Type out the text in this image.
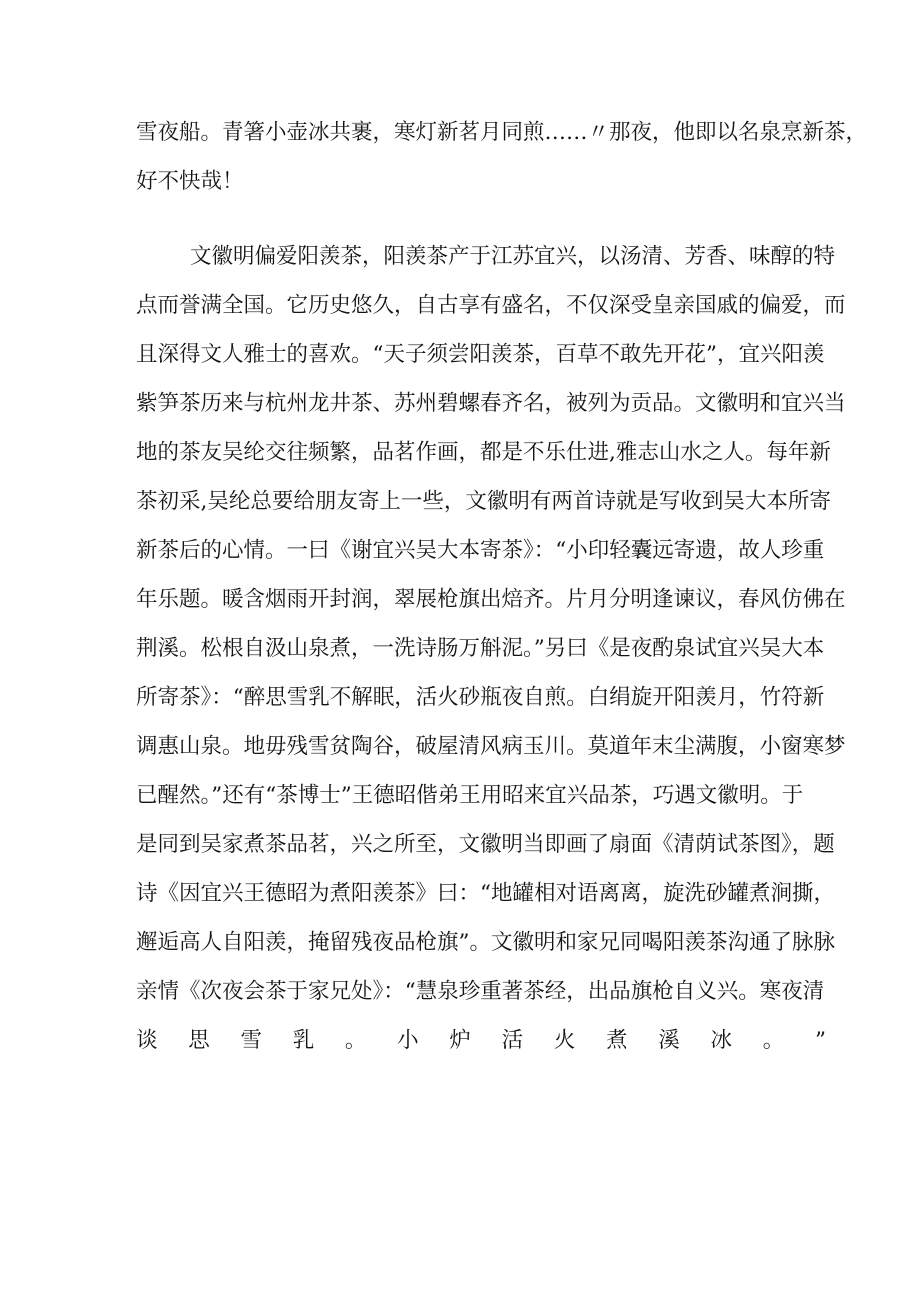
雪夜船。青箸小壶冰共裹，寒灯新茗月同煎……〃那夜，他即以名泉烹新茶，
好不快哉！
文徽明偏爱阳羡茶，阳羡茶产于江苏宜兴，以汤清、芳香、味醇的特
点而誉满全国。它历史悠久，自古享有盛名，不仅深受皇亲国戚的偏爱，而
且深得文人雅士的喜欢。“天子须尝阳羡茶，百草不敢先开花”，宜兴阳羡
紫笋茶历来与杭州龙井茶、苏州碧螺春齐名，被列为贡品。文徽明和宜兴当
地的茶友吴纶交往频繁，品茗作画，都是不乐仕进,雅志山水之人。每年新
茶初采,吴纶总要给朋友寄上一些，文徽明有两首诗就是写收到吴大本所寄
新茶后的心情。一曰《谢宜兴吴大本寄茶》：“小印轻囊远寄遗，故人珍重
年乐题。暖含烟雨开封润，翠展枪旗出焙齐。片月分明逢谏议，春风仿佛在
荆溪。松根自汲山泉煮，一洗诗肠万斛泥。”另曰《是夜酌泉试宜兴吴大本
所寄茶》：“醉思雪乳不解眠，活火砂瓶夜自煎。白绢旋开阳羡月，竹符新
调惠山泉。地毋残雪贫陶谷，破屋清风病玉川。莫道年末尘满腹，小窗寒梦
已醒然。”还有“茶博士”王德昭偕弟王用昭来宜兴品茶，巧遇文徽明。于
是同到吴家煮茶品茗，兴之所至，文徽明当即画了扇面《清荫试茶图》，题
诗《因宜兴王德昭为煮阳羡茶》曰：“地罐相对语离离，旋洗砂罐煮涧撕，
邂逅高人自阳羡，掩留残夜品枪旗”。文徽明和家兄同喝阳羡茶沟通了脉脉
亲情《次夜会茶于家兄处》：“慧泉珍重著茶经，出品旗枪自义兴。寒夜清
谈 思 雪 乳 。 小 炉 活 火 煮 溪 冰 。 ”
